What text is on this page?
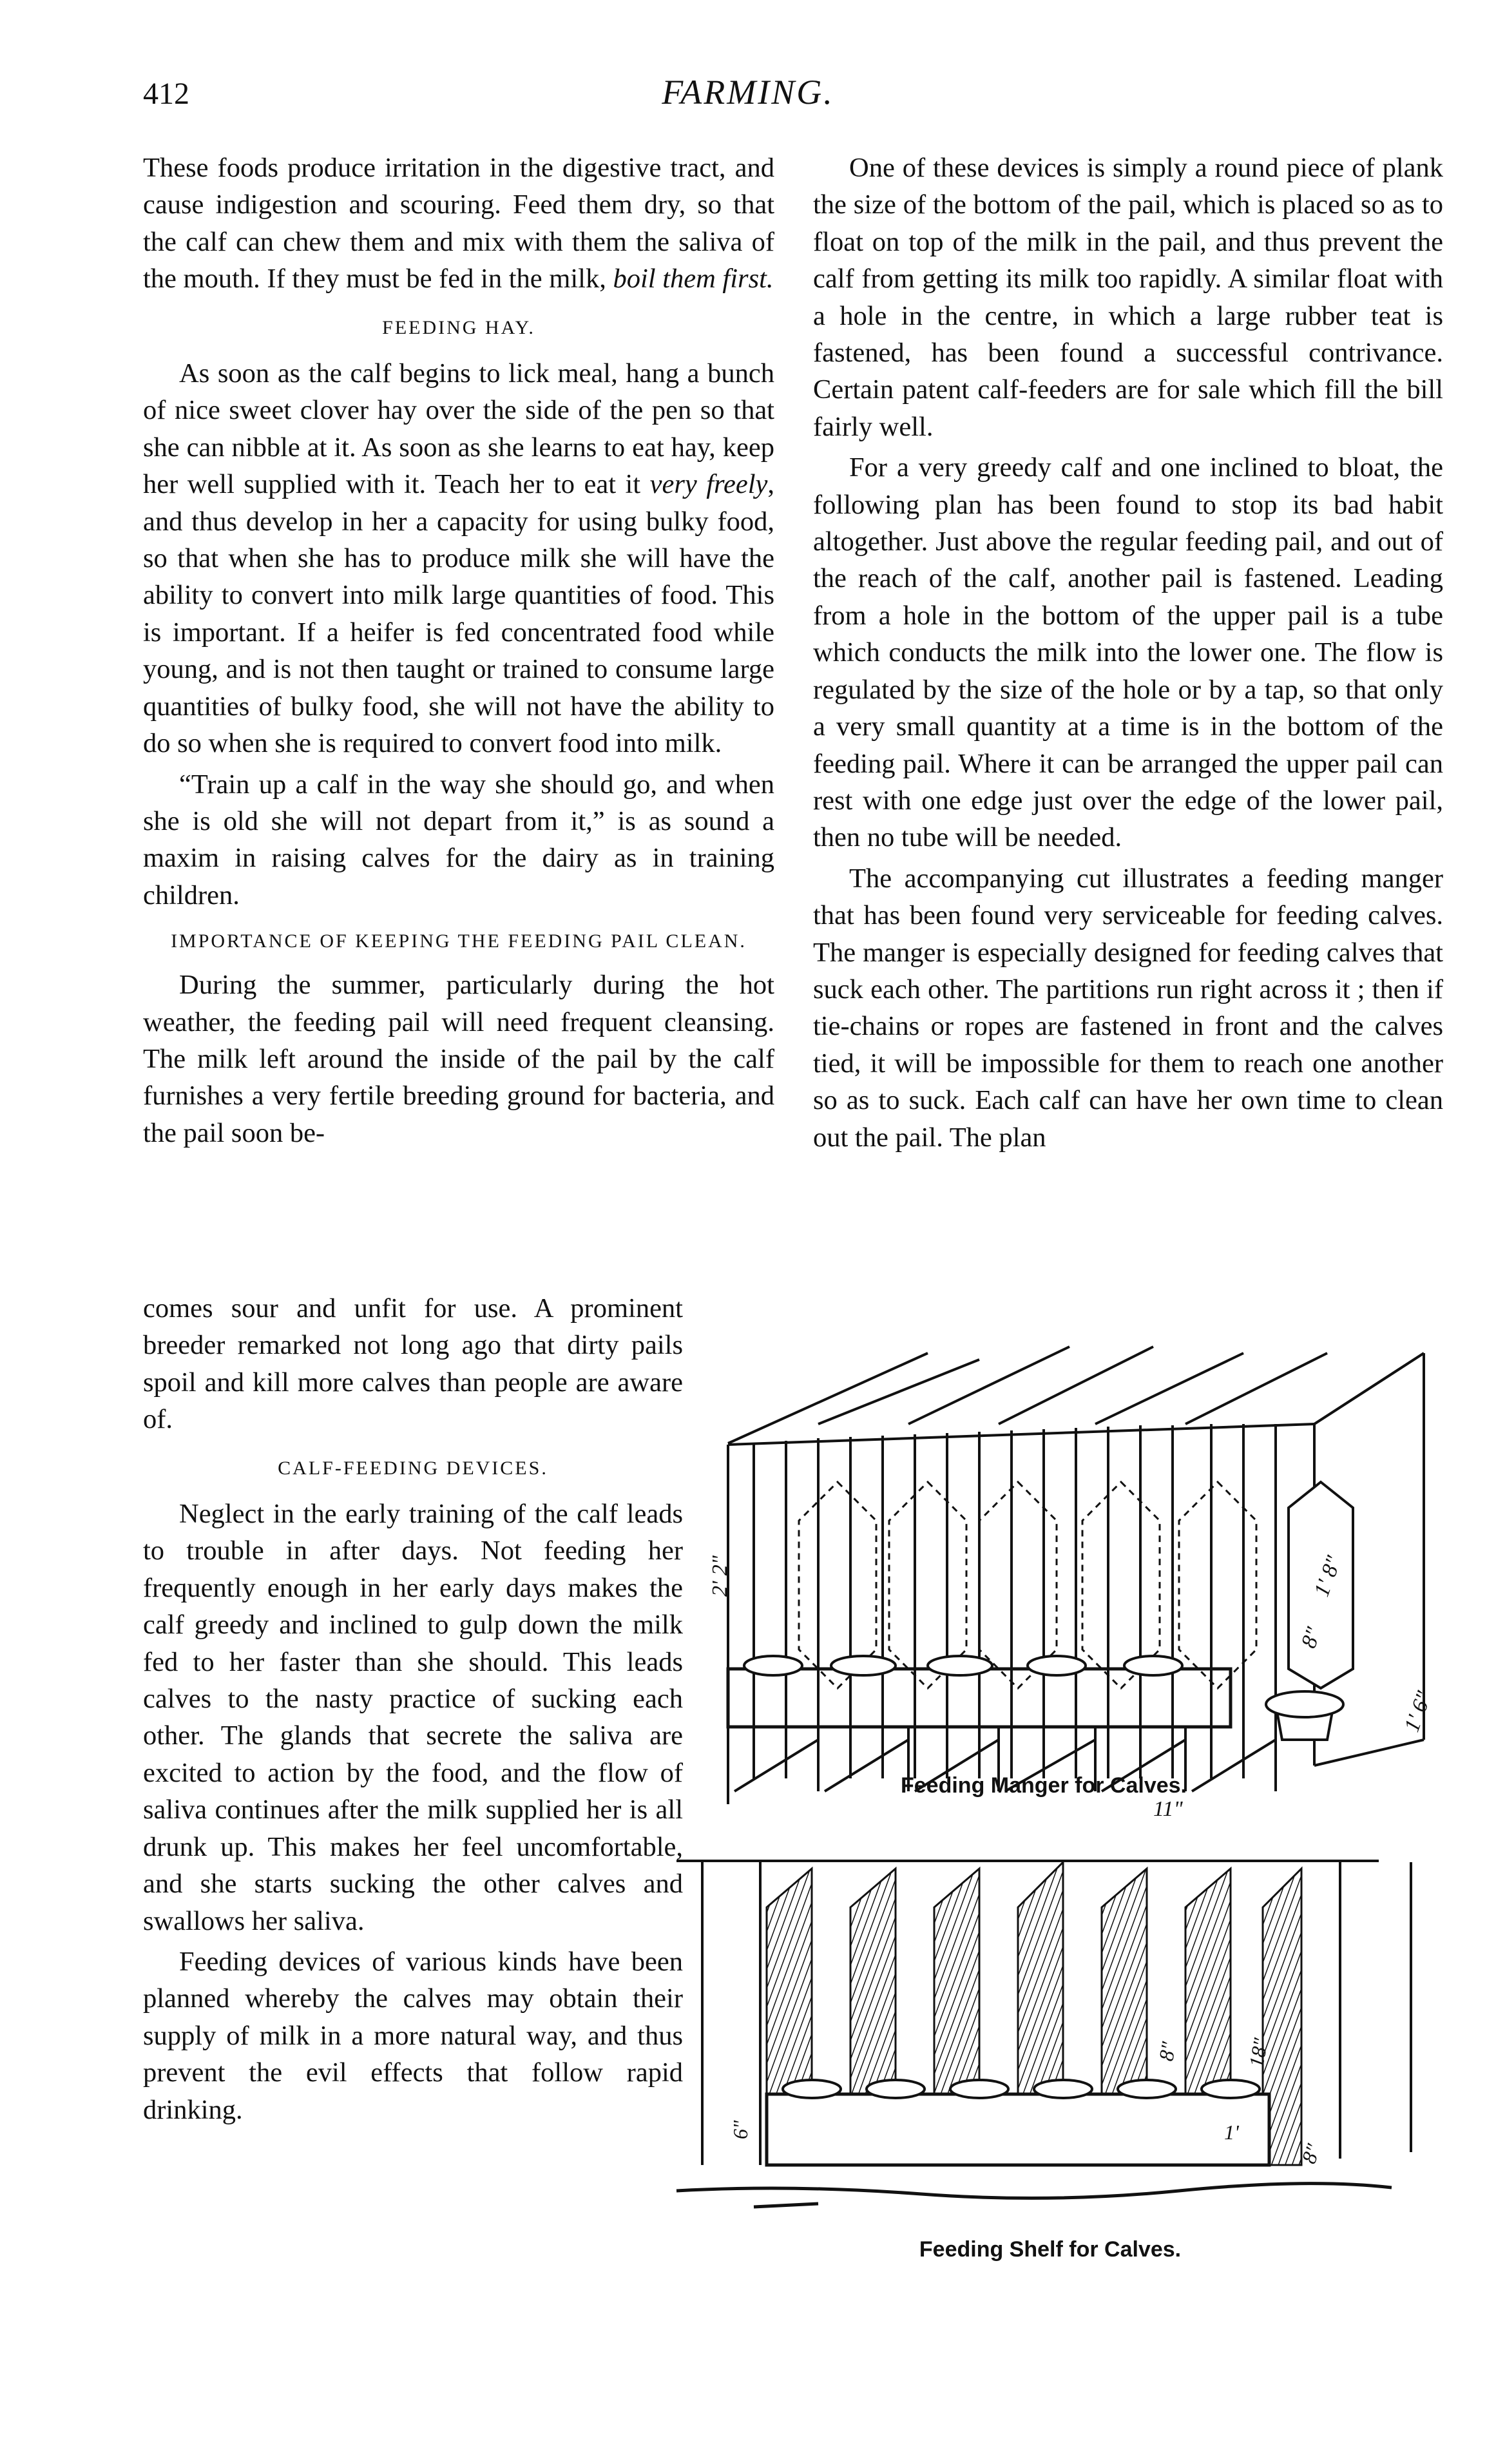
412	FARMING.

These foods produce irritation in the digestive tract, and cause indigestion and scouring. Feed them dry, so that the calf can chew them and mix with them the saliva of the mouth. If they must be fed in the milk, boil them first.

FEEDING HAY.

As soon as the calf begins to lick meal, hang a bunch of nice sweet clover hay over the side of the pen so that she can nibble at it. As soon as she learns to eat hay, keep her well supplied with it. Teach her to eat it very freely, and thus develop in her a capacity for using bulky food, so that when she has to produce milk she will have the ability to convert into milk large quantities of food. This is important. If a heifer is fed concentrated food while young, and is not then taught or trained to consume large quantities of bulky food, she will not have the ability to do so when she is required to convert food into milk.

“Train up a calf in the way she should go, and when she is old she will not depart from it,” is as sound a maxim in raising calves for the dairy as in training children.

IMPORTANCE OF KEEPING THE FEEDING PAIL CLEAN.

During the summer, particularly during the hot weather, the feeding pail will need frequent cleansing. The milk left around the inside of the pail by the calf furnishes a very fertile breeding ground for bacteria, and the pail soon be-

comes sour and unfit for use. A prominent breeder remarked not long ago that dirty pails spoil and kill more calves than people are aware of.

CALF-FEEDING DEVICES.

Neglect in the early training of the calf leads to trouble in after days. Not feeding her frequently enough in her early days makes the calf greedy and inclined to gulp down the milk fed to her faster than she should. This leads calves to the nasty practice of sucking each other. The glands that secrete the saliva are excited to action by the food, and the flow of saliva continues after the milk supplied her is all drunk up. This makes her feel uncomfortable, and she starts sucking the other calves and swallows her saliva.

Feeding devices of various kinds have been planned whereby the calves may obtain their supply of milk in a more natural way, and thus prevent the evil effects that follow rapid drinking.

One of these devices is simply a round piece of plank the size of the bottom of the pail, which is placed so as to float on top of the milk in the pail, and thus prevent the calf from getting its milk too rapidly. A similar float with a hole in the centre, in which a large rubber teat is fastened, has been found a successful contrivance. Certain patent calf-feeders are for sale which fill the bill fairly well.

For a very greedy calf and one inclined to bloat, the following plan has been found to stop its bad habit altogether. Just above the regular feeding pail, and out of the reach of the calf, another pail is fastened. Leading from a hole in the bottom of the upper pail is a tube which conducts the milk into the lower one. The flow is regulated by the size of the hole or by a tap, so that only a very small quantity at a time is in the bottom of the feeding pail. Where it can be arranged the upper pail can rest with one edge just over the edge of the lower pail, then no tube will be needed.

The accompanying cut illustrates a feeding manger that has been found very serviceable for feeding calves. The manger is especially designed for feeding calves that suck each other. The partitions run right across it ; then if tie-chains or ropes are fastened in front and the calves tied, it will be impossible for them to reach one another so as to suck. Each calf can have her own time to clean out the pail. The plan

2' 2"	1' 8"
8"
1' 6"
11"
Feeding Manger for Calves.
6"
8"	18"
1'
8"
Feeding Shelf for Calves.
